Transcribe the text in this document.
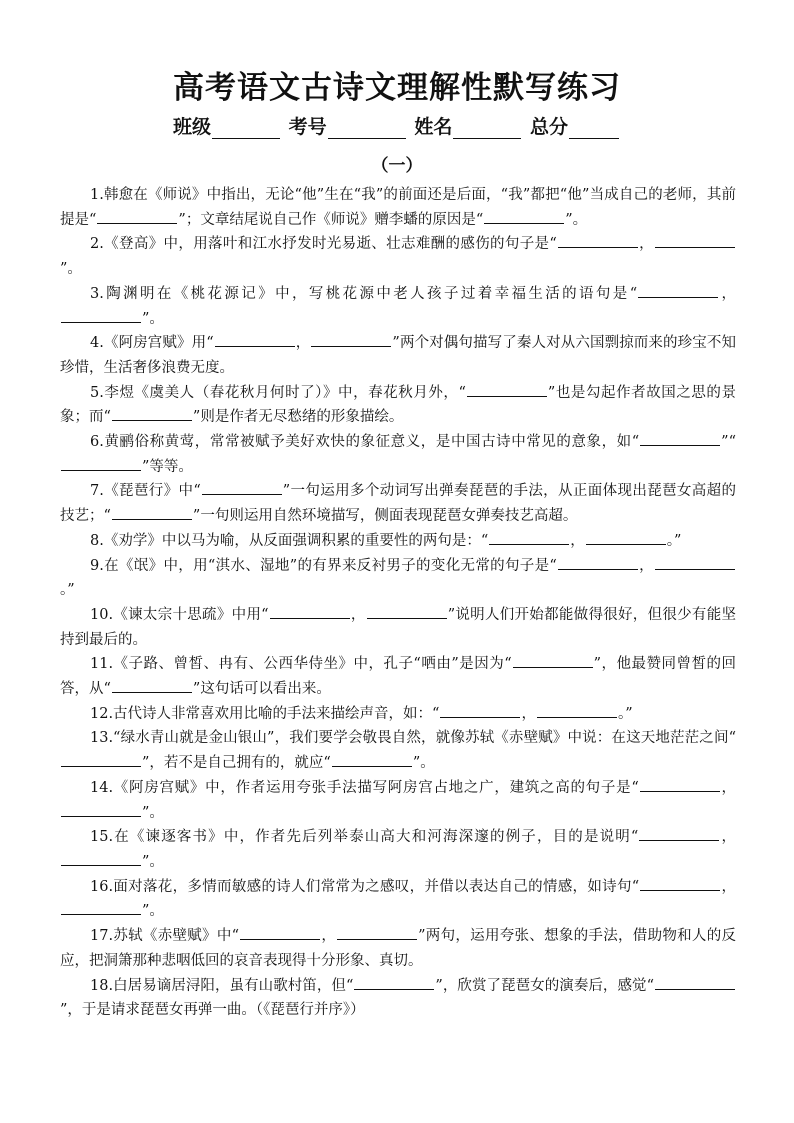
高考语文古诗文理解性默写练习
班级	考号	姓名	总分
（一）

1.韩愈在《师说》中指出，无论“他”生在“我”的前面还是后面，“我”都把“他”当成自己的老师，其前提是“	”；文章结尾说自己作《师说》赠李蟠的原因是“	”。

2.《登高》中，用落叶和江水抒发时光易逝、壮志难酬的感伤的句子是“	，”。

3.陶渊明在《桃花源记》中，写桃花源中老人孩子过着幸福生活的语句是“	，”。

4.《阿房宫赋》用“	，	”两个对偶句描写了秦人对从六国剽掠而来的珍宝不知珍惜，生活奢侈浪费无度。

5.李煜《虞美人（春花秋月何时了）》中，春花秋月外，“	”也是勾起作者故国之思的景象；而“	”则是作者无尽愁绪的形象描绘。

6.黄鹂俗称黄莺，常常被赋予美好欢快的象征意义，是中国古诗中常见的意象，如“	”“”等等。

7.《琵琶行》中“	”一句运用多个动词写出弹奏琵琶的手法，从正面体现出琵琶女高超的技艺；“	”一句则运用自然环境描写，侧面表现琵琶女弹奏技艺高超。

8.《劝学》中以马为喻，从反面强调积累的重要性的两句是：“	，	。”

9.在《氓》中，用“淇水、湿地”的有界来反衬男子的变化无常的句子是“	，。”

10.《谏太宗十思疏》中用“	，	”说明人们开始都能做得很好，但很少有能坚持到最后的。

11.《子路、曾皙、冉有、公西华侍坐》中，孔子“哂由”是因为“	”，他最赞同曾皙的回答，从“	”这句话可以看出来。

12.古代诗人非常喜欢用比喻的手法来描绘声音，如：“	，	。”

13.“绿水青山就是金山银山”，我们要学会敬畏自然，就像苏轼《赤壁赋》中说：在这天地茫茫之间“”，若不是自己拥有的，就应“	”。

14.《阿房宫赋》中，作者运用夸张手法描写阿房宫占地之广，建筑之高的句子是“	，”。

15.在《谏逐客书》中，作者先后列举泰山高大和河海深邃的例子，目的是说明“	，”。

16.面对落花，多情而敏感的诗人们常常为之感叹，并借以表达自己的情感，如诗句“	，”。

17.苏轼《赤壁赋》中“	，	”两句，运用夸张、想象的手法，借助物和人的反应，把洞箫那种悲咽低回的哀音表现得十分形象、真切。

18.白居易谪居浔阳，虽有山歌村笛，但“	”，欣赏了琵琶女的演奏后，感觉“”，于是请求琵琶女再弹一曲。（《琵琶行并序》）
